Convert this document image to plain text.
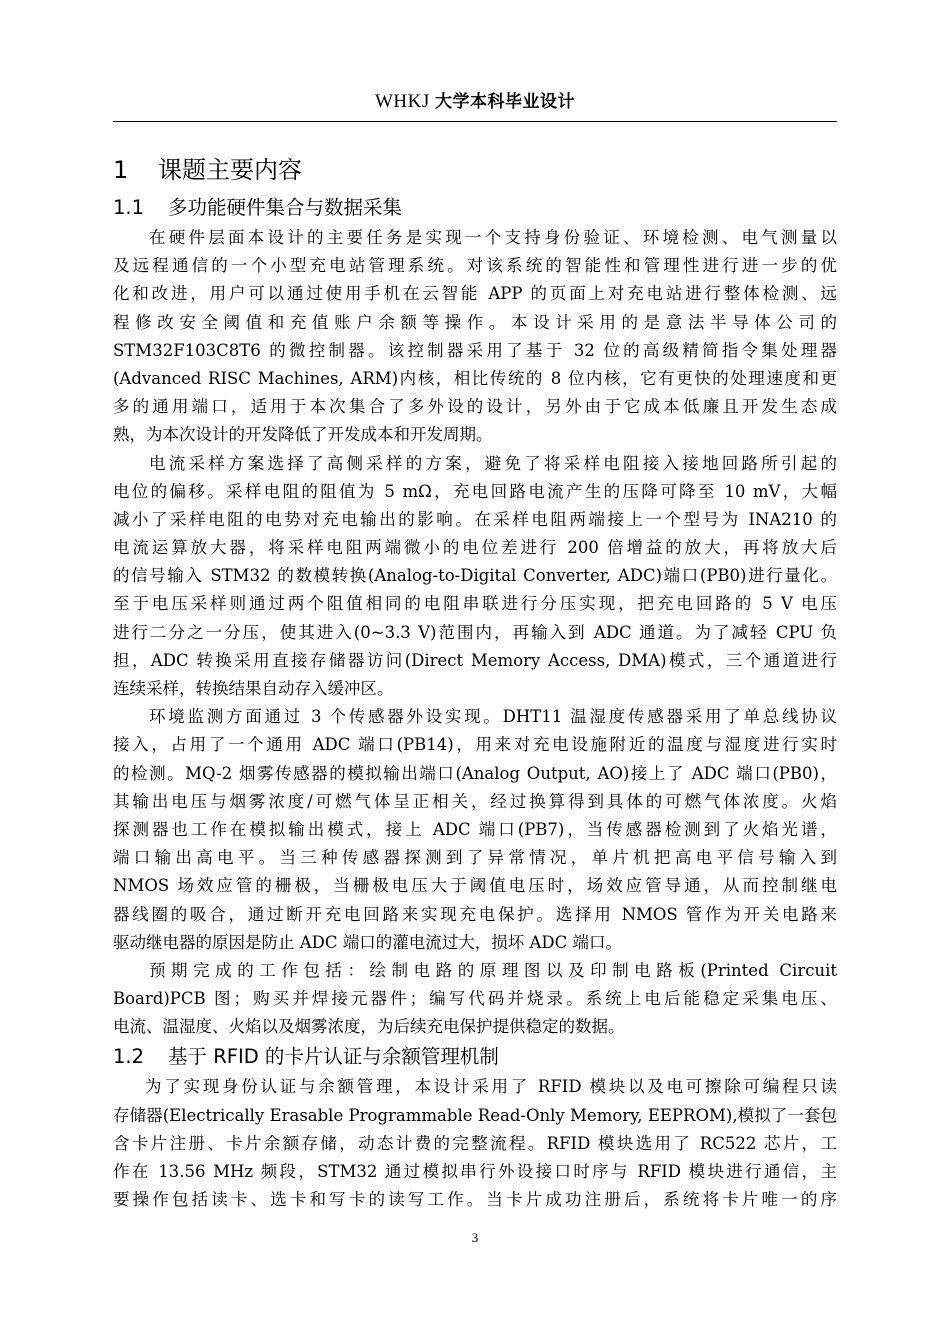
WHKJ 大学本科毕业设计
1 课题主要内容
1.1 多功能硬件集合与数据采集
在硬件层面本设计的主要任务是实现一个支持身份验证、环境检测、电气测量以
及远程通信的一个小型充电站管理系统。对该系统的智能性和管理性进行进一步的优
化和改进，用户可以通过使用手机在云智能 APP 的页面上对充电站进行整体检测、远
程修改安全阈值和充值账户余额等操作。本设计采用的是意法半导体公司的
STM32F103C8T6 的微控制器。该控制器采用了基于 32 位的高级精简指令集处理器
(Advanced RISC Machines, ARM)内核，相比传统的 8 位内核，它有更快的处理速度和更
多的通用端口，适用于本次集合了多外设的设计，另外由于它成本低廉且开发生态成
熟，为本次设计的开发降低了开发成本和开发周期。
电流采样方案选择了高侧采样的方案，避免了将采样电阻接入接地回路所引起的
电位的偏移。采样电阻的阻值为 5 mΩ，充电回路电流产生的压降可降至 10 mV，大幅
减小了采样电阻的电势对充电输出的影响。在采样电阻两端接上一个型号为 INA210 的
电流运算放大器，将采样电阻两端微小的电位差进行 200 倍增益的放大，再将放大后
的信号输入 STM32 的数模转换(Analog-to-Digital Converter, ADC)端口(PB0)进行量化。
至于电压采样则通过两个阻值相同的电阻串联进行分压实现，把充电回路的 5 V 电压
进行二分之一分压，使其进入(0~3.3 V)范围内，再输入到 ADC 通道。为了减轻 CPU 负
担，ADC 转换采用直接存储器访问(Direct Memory Access, DMA)模式，三个通道进行
连续采样，转换结果自动存入缓冲区。
环境监测方面通过 3 个传感器外设实现。DHT11 温湿度传感器采用了单总线协议
接入，占用了一个通用 ADC 端口(PB14)，用来对充电设施附近的温度与湿度进行实时
的检测。MQ-2 烟雾传感器的模拟输出端口(Analog Output, AO)接上了 ADC 端口(PB0)，
其输出电压与烟雾浓度/可燃气体呈正相关，经过换算得到具体的可燃气体浓度。火焰
探测器也工作在模拟输出模式，接上 ADC 端口(PB7)，当传感器检测到了火焰光谱，
端口输出高电平。当三种传感器探测到了异常情况，单片机把高电平信号输入到
NMOS 场效应管的栅极，当栅极电压大于阈值电压时，场效应管导通，从而控制继电
器线圈的吸合，通过断开充电回路来实现充电保护。选择用 NMOS 管作为开关电路来
驱动继电器的原因是防止 ADC 端口的灌电流过大，损坏 ADC 端口。
预期完成的工作包括：绘制电路的原理图以及印制电路板(Printed Circuit
Board)PCB 图；购买并焊接元器件；编写代码并烧录。系统上电后能稳定采集电压、
电流、温湿度、火焰以及烟雾浓度，为后续充电保护提供稳定的数据。
1.2 基于 RFID 的卡片认证与余额管理机制
为了实现身份认证与余额管理，本设计采用了 RFID 模块以及电可擦除可编程只读
存储器(Electrically Erasable Programmable Read-Only Memory, EEPROM),模拟了一套包
含卡片注册、卡片余额存储，动态计费的完整流程。RFID 模块选用了 RC522 芯片，工
作在 13.56 MHz 频段，STM32 通过模拟串行外设接口时序与 RFID 模块进行通信，主
要操作包括读卡、选卡和写卡的读写工作。当卡片成功注册后，系统将卡片唯一的序
3
